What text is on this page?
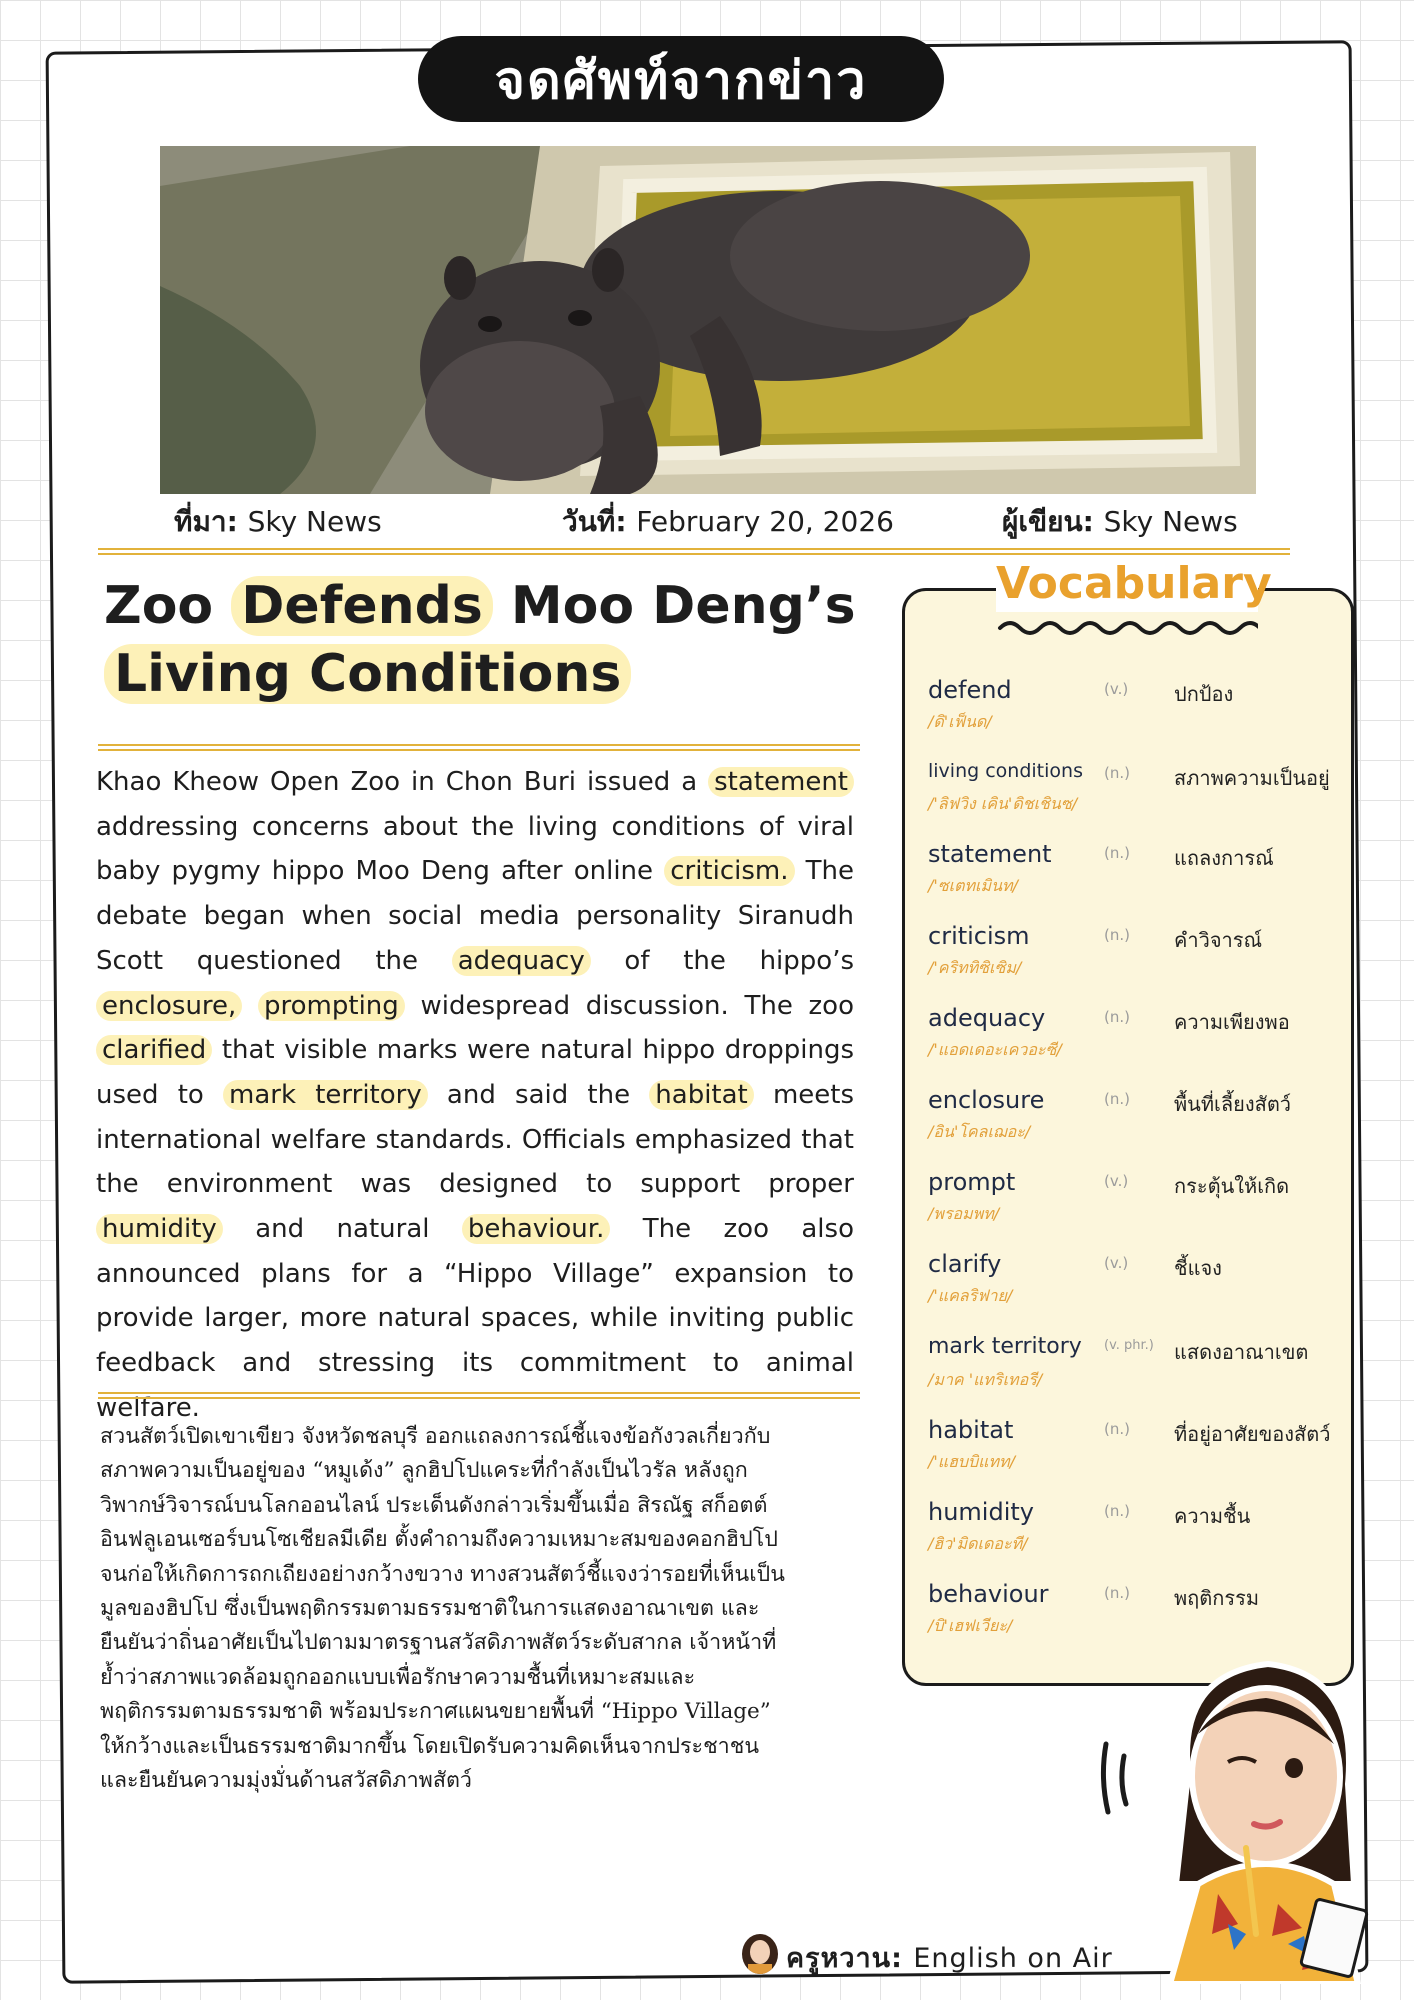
จดศัพท์จากข่าว
ที่มา: Sky News	วันที่: February 20, 2026	ผู้เขียน: Sky News
Zoo Defends Moo Deng’s
Living Conditions
Khao Kheow Open Zoo in Chon Buri issued a statement addressing concerns about the living conditions of viral baby pygmy hippo Moo Deng after online criticism. The debate began when social media personality Siranudh Scott questioned the adequacy of the hippo’s enclosure, prompting widespread discussion. The zoo clarified that visible marks were natural hippo droppings used to mark territory and said the habitat meets international welfare standards. Officials emphasized that the environment was designed to support proper humidity and natural behaviour. The zoo also announced plans for a “Hippo Village” expansion to provide larger, more natural spaces, while inviting public feedback and stressing its commitment to animal welfare.
สวนสัตว์เปิดเขาเขียว จังหวัดชลบุรี ออกแถลงการณ์ชี้แจงข้อกังวลเกี่ยวกับ
สภาพความเป็นอยู่ของ “หมูเด้ง” ลูกฮิปโปแคระที่กำลังเป็นไวรัล หลังถูก
วิพากษ์วิจารณ์บนโลกออนไลน์ ประเด็นดังกล่าวเริ่มขึ้นเมื่อ สิรณัฐ สก็อตต์
อินฟลูเอนเซอร์บนโซเชียลมีเดีย ตั้งคำถามถึงความเหมาะสมของคอกฮิปโป
จนก่อให้เกิดการถกเถียงอย่างกว้างขวาง ทางสวนสัตว์ชี้แจงว่ารอยที่เห็นเป็น
มูลของฮิปโป ซึ่งเป็นพฤติกรรมตามธรรมชาติในการแสดงอาณาเขต และ
ยืนยันว่าถิ่นอาศัยเป็นไปตามมาตรฐานสวัสดิภาพสัตว์ระดับสากล เจ้าหน้าที่
ย้ำว่าสภาพแวดล้อมถูกออกแบบเพื่อรักษาความชื้นที่เหมาะสมและ
พฤติกรรมตามธรรมชาติ พร้อมประกาศแผนขยายพื้นที่ “Hippo Village”
ให้กว้างและเป็นธรรมชาติมากขึ้น โดยเปิดรับความคิดเห็นจากประชาชน
และยืนยันความมุ่งมั่นด้านสวัสดิภาพสัตว์
Vocabulary
defend
/ดิ'เฟ็นด/
(v.) ปกป้อง
living conditions
/'ลิฟวิง เคิน'ดิชเชินซ/
(n.) สภาพความเป็นอยู่
statement
/'ซเตทเมินท/
(n.) แถลงการณ์
criticism
/'คริททิซิเซิม/
(n.) คำวิจารณ์
adequacy
/'แอดเดอะเควอะซี/
(n.) ความเพียงพอ
enclosure
/อิน'โคลเฌอะ/
(n.) พื้นที่เลี้ยงสัตว์
prompt
/พรอมพท/
(v.) กระตุ้นให้เกิด
clarify
/'แคลริฟาย/
(v.) ชี้แจง
mark territory
/มาค 'แทริเทอรี/
(v. phr.) แสดงอาณาเขต
habitat
/'แฮบบิแทท/
(n.) ที่อยู่อาศัยของสัตว์
humidity
/ฮิว'มิดเดอะที/
(n.) ความชื้น
behaviour
/บิ'เฮฟเวียะ/
(n.) พฤติกรรม
ครูหวาน: English on Air
